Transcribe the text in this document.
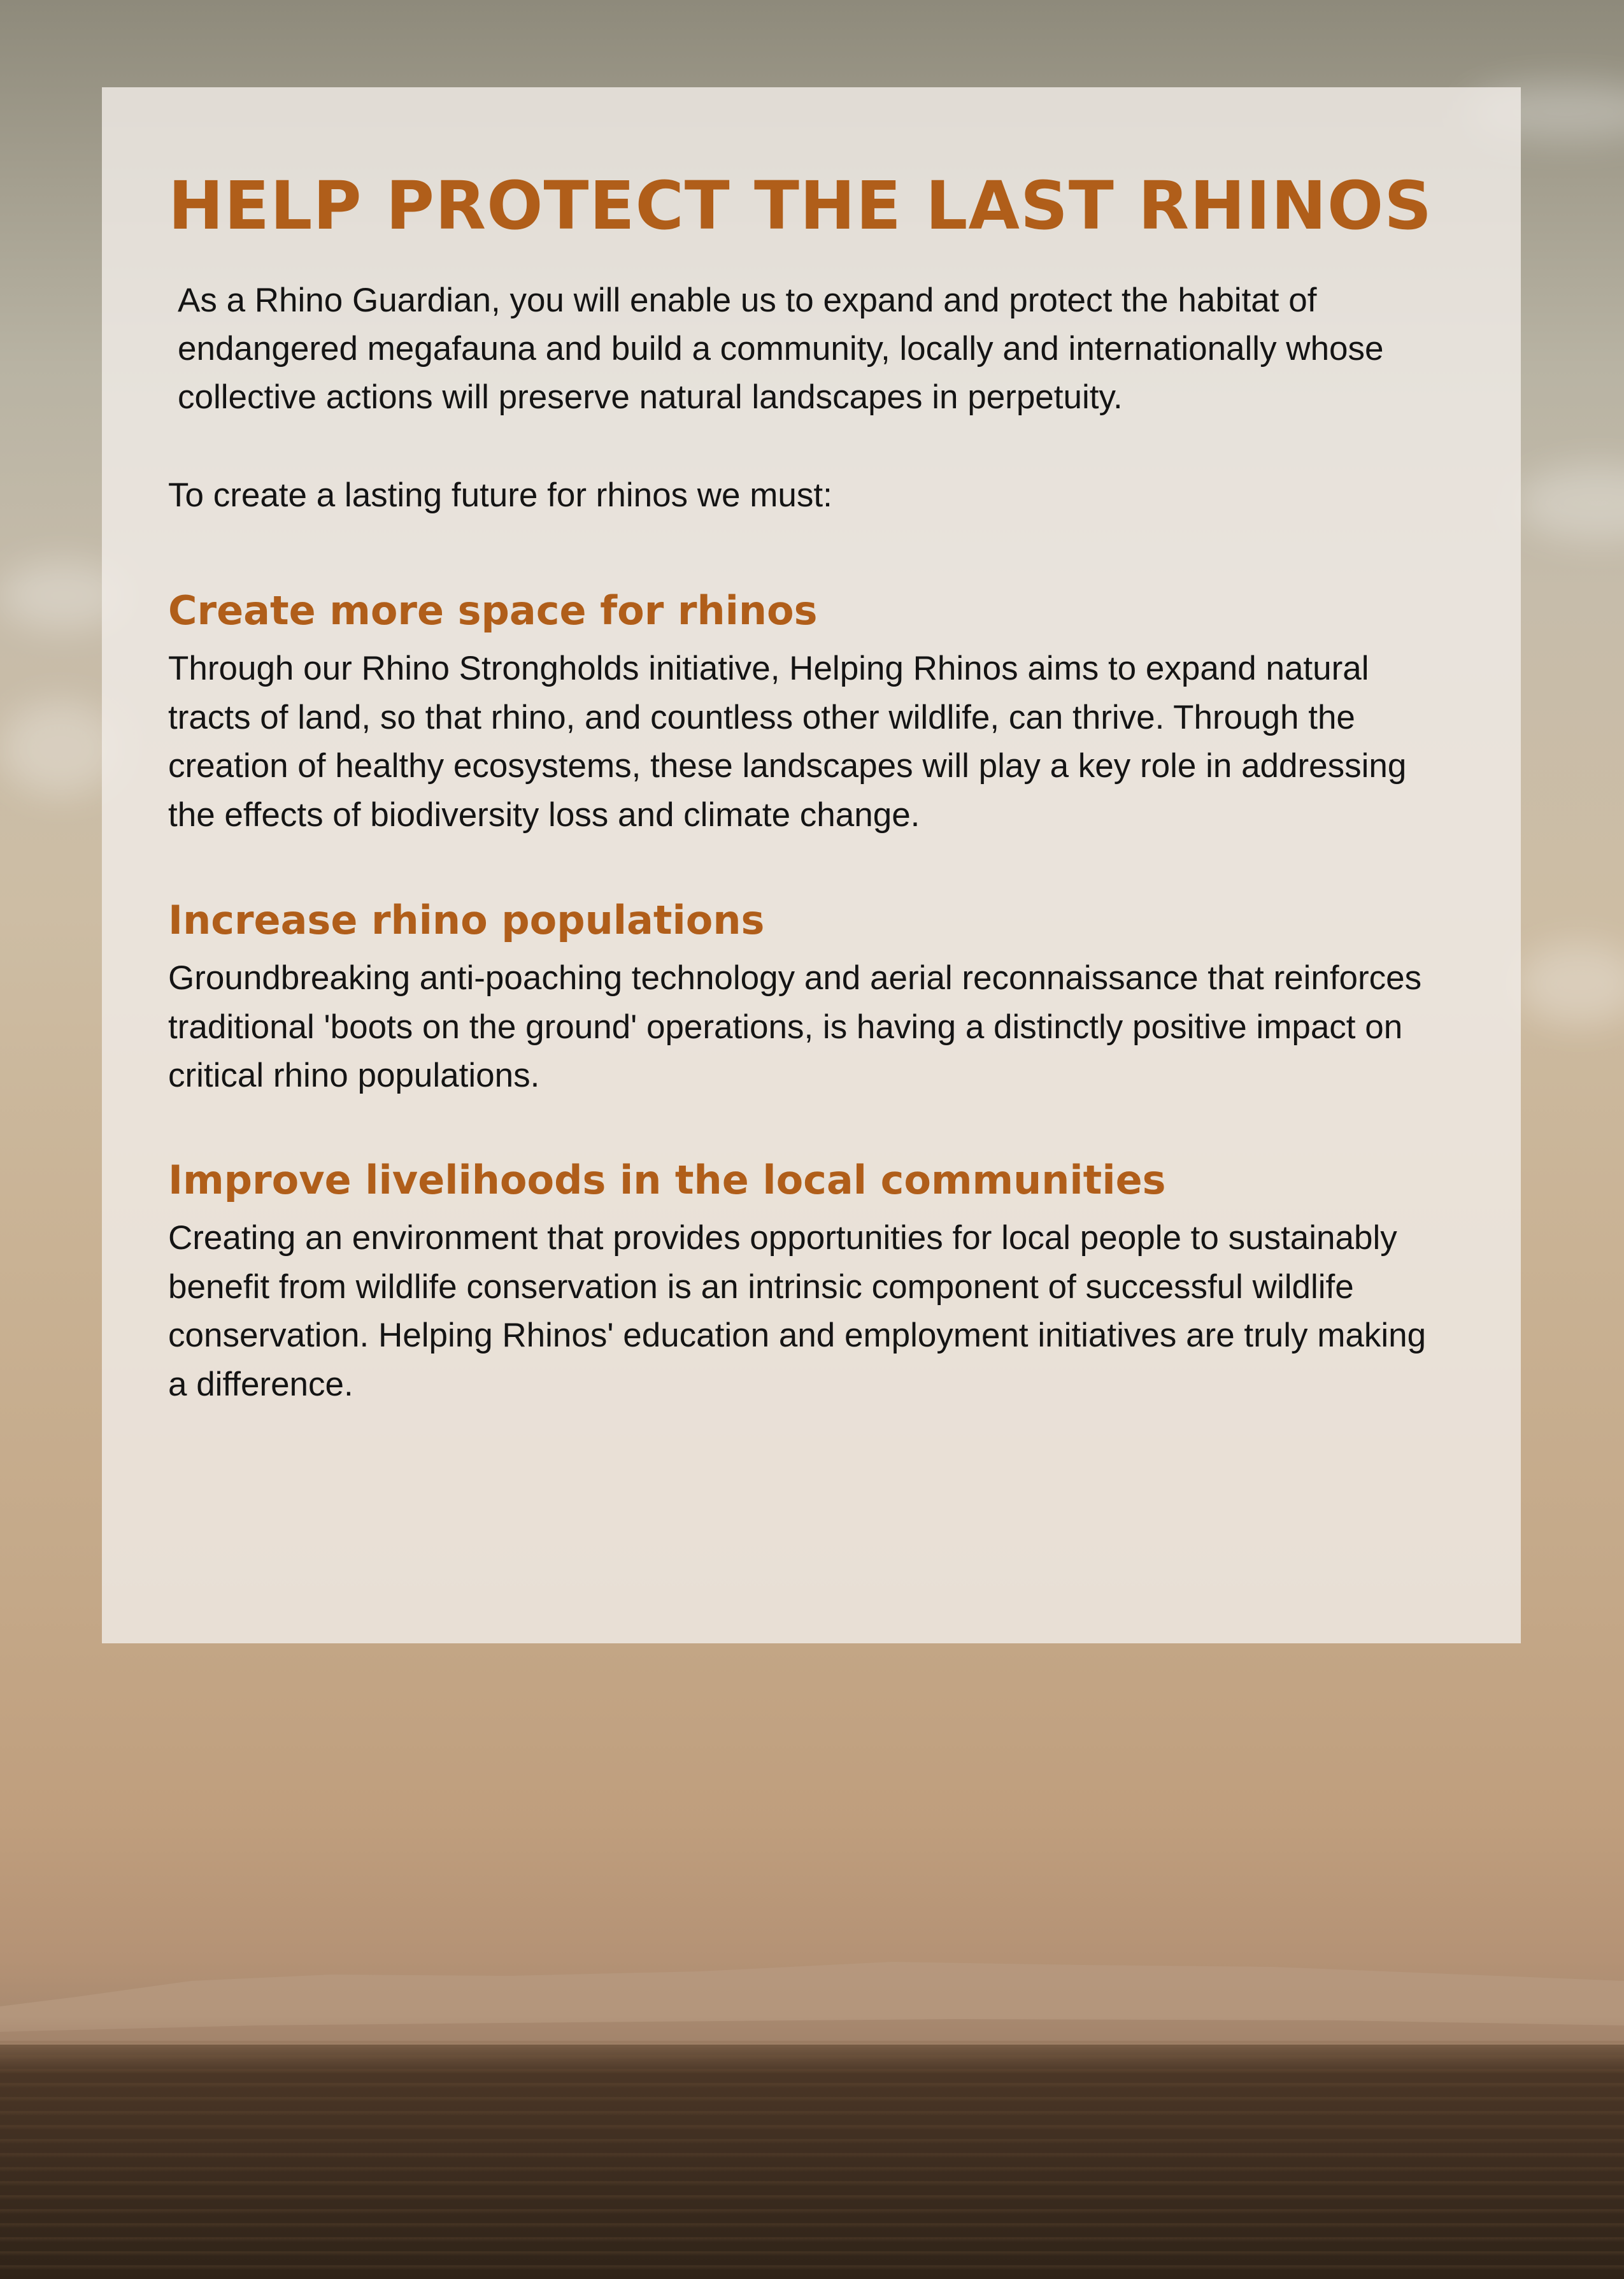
HELP PROTECT THE LAST RHINOS

As a Rhino Guardian, you will enable us to expand and protect the habitat of endangered megafauna and build a community, locally and internationally whose collective actions will preserve natural landscapes in perpetuity.

To create a lasting future for rhinos we must:

Create more space for rhinos

Through our Rhino Strongholds initiative, Helping Rhinos aims to expand natural tracts of land, so that rhino, and countless other wildlife, can thrive. Through the creation of healthy ecosystems, these landscapes will play a key role in addressing the effects of biodiversity loss and climate change.

Increase rhino populations

Groundbreaking anti-poaching technology and aerial reconnaissance that reinforces traditional 'boots on the ground' operations, is having a distinctly positive impact on critical rhino populations.

Improve livelihoods in the local communities

Creating an environment that provides opportunities for local people to sustainably benefit from wildlife conservation is an intrinsic component of successful wildlife conservation. Helping Rhinos' education and employment initiatives are truly making a difference.
